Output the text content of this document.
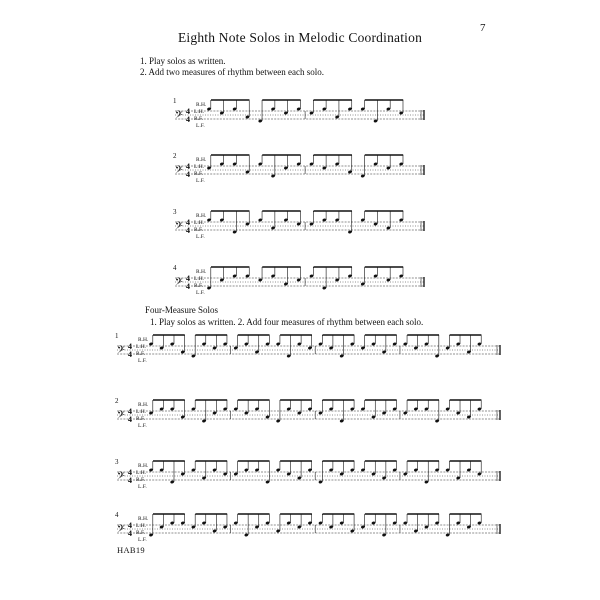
7
Eighth Note Solos in Melodic Coordination
1. Play solos as written.
2. Add two measures of rhythm between each solo.
Four-Measure Solos
1. Play solos as written. 2. Add four measures of rhythm between each solo.
1
𝄢 4
4
R.H.
L.H.
R.F.
L.F.
2
𝄢 4
4
R.H.
L.H.
R.F.
L.F.
3
𝄢 4
4
R.H.
L.H.
R.F.
L.F.
4
𝄢 4
4
R.H.
L.H.
R.F.
L.F.
1
𝄢 4
4
R.H.
L.H.
R.F.
L.F.
2
𝄢 4
4
R.H.
L.H.
R.F.
L.F.
3
𝄢 4
4
R.H.
L.H.
R.F.
L.F.
4
𝄢 4
4
R.H.
L.H.
R.F.
L.F.
HAB19
